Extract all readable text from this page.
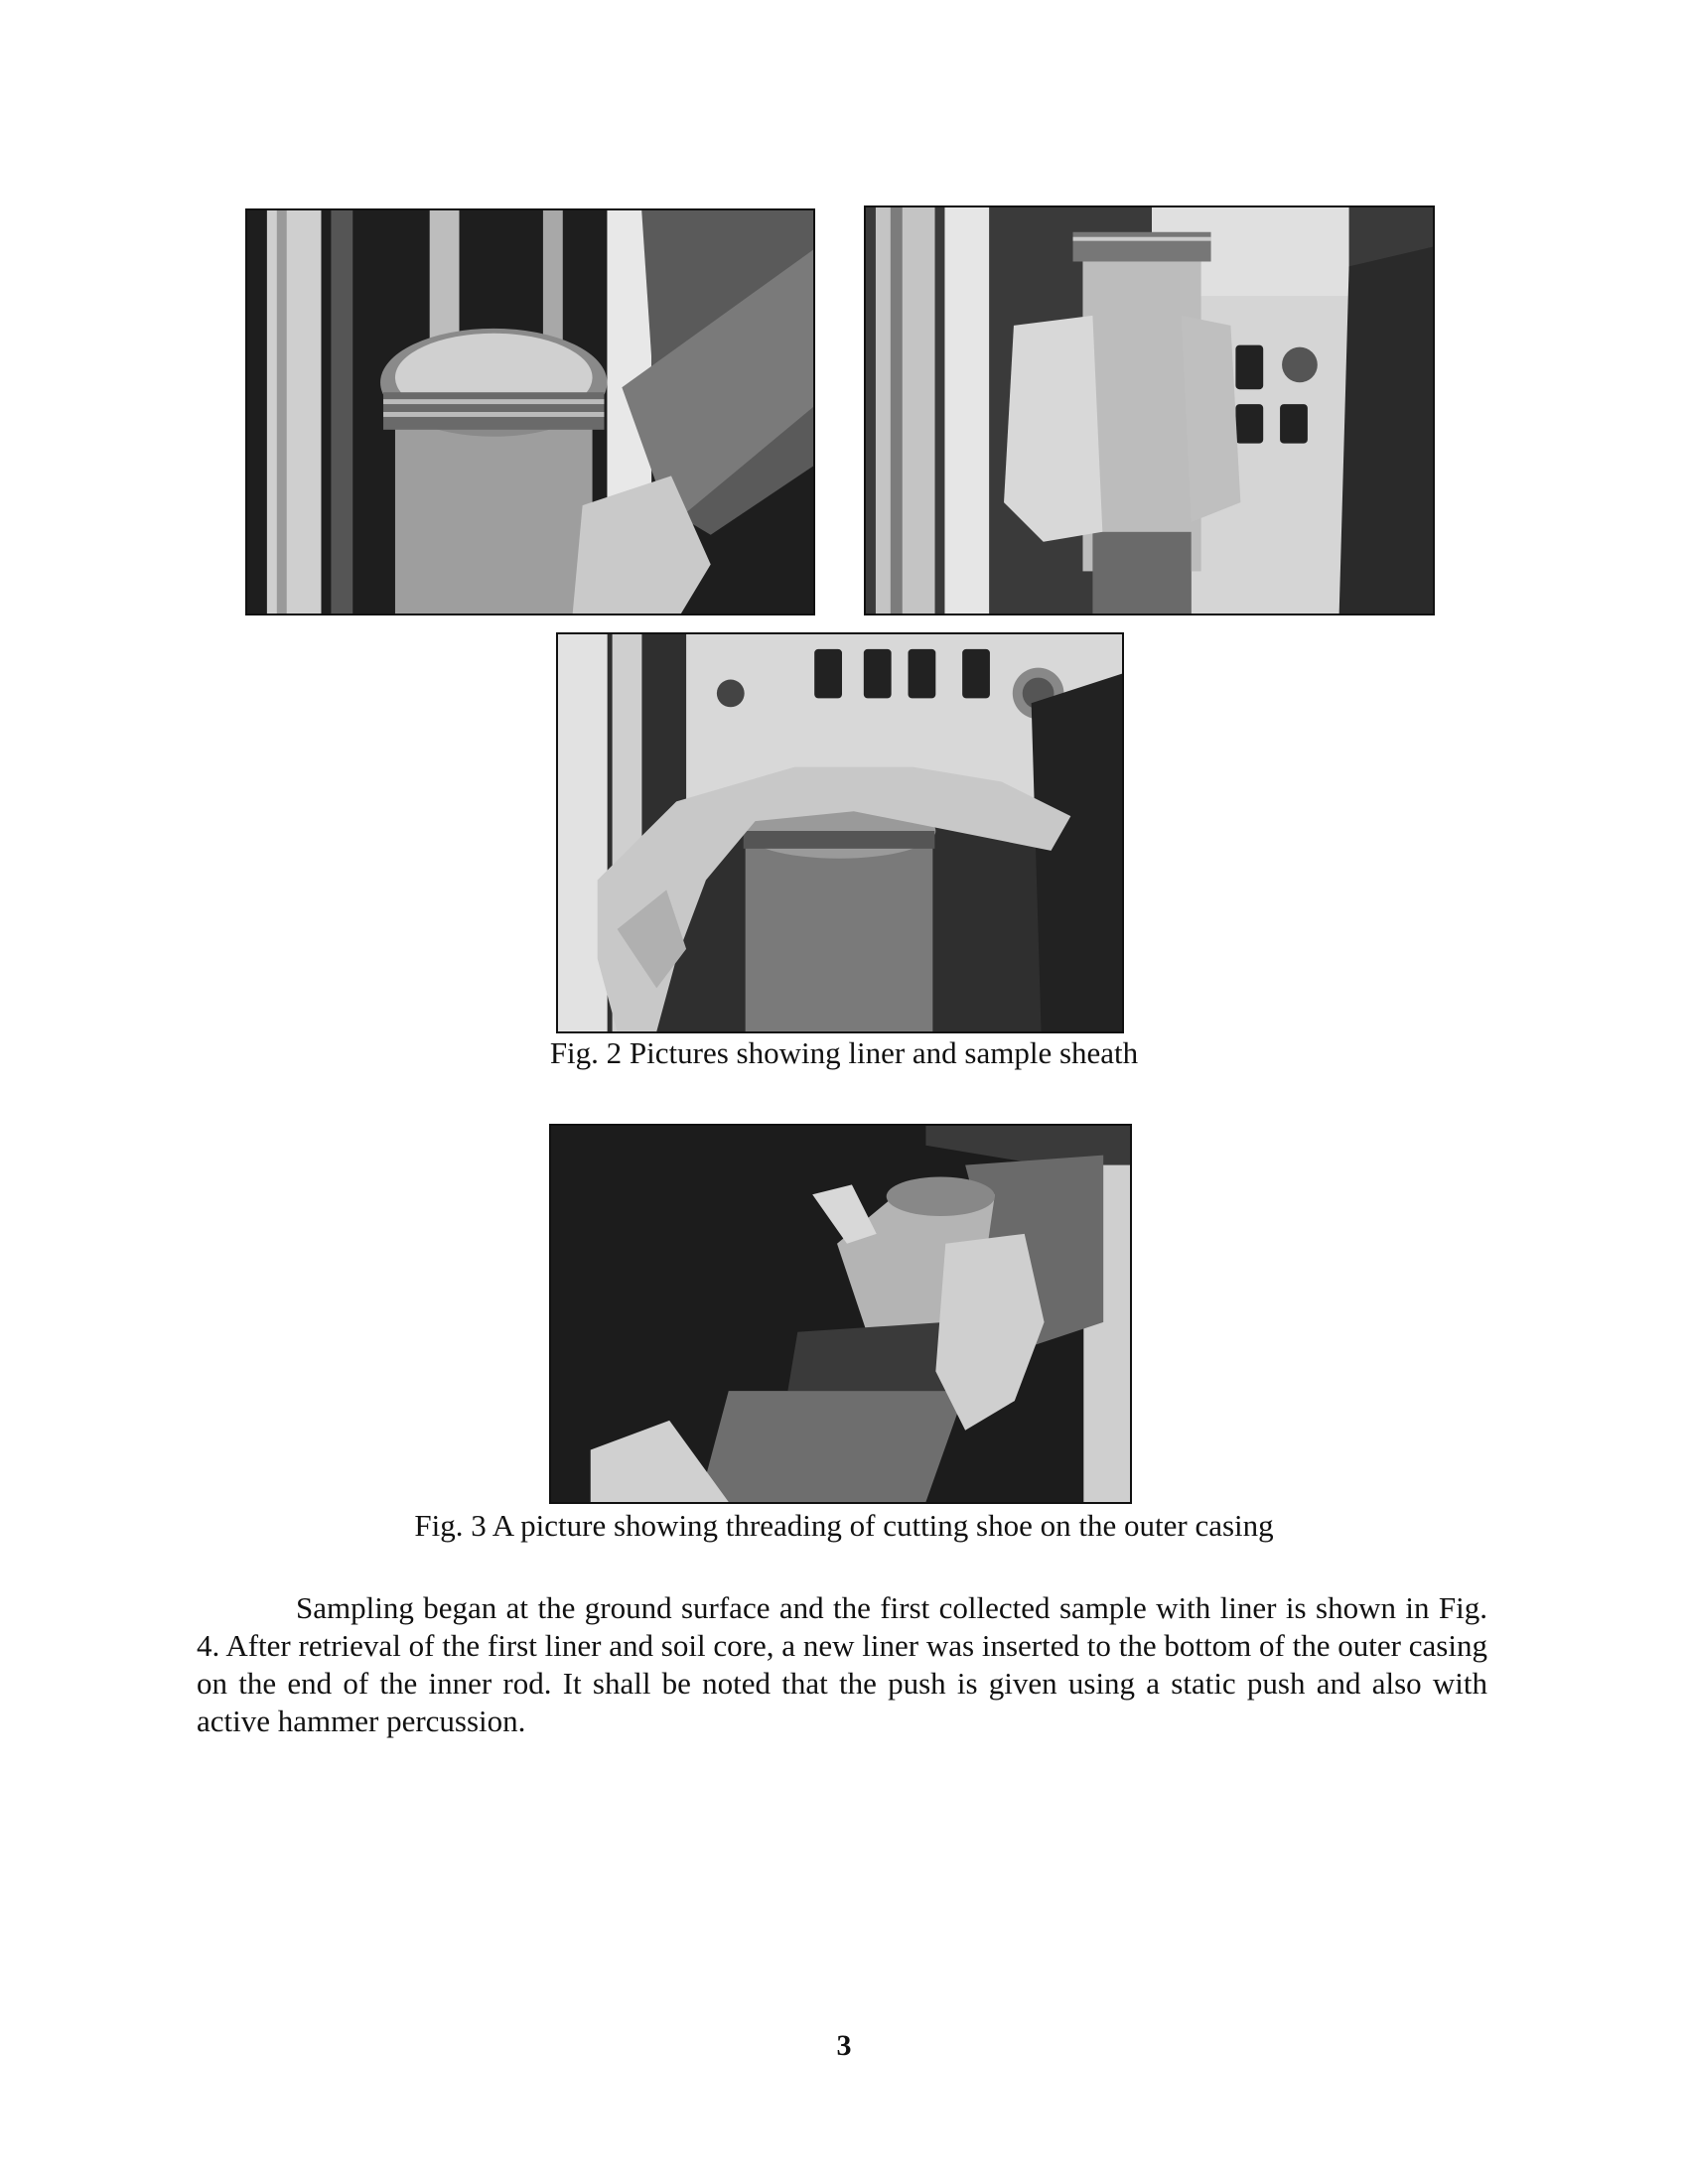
Fig. 2 Pictures showing liner and sample sheath
Fig. 3 A picture showing threading of cutting shoe on the outer casing
Sampling began at the ground surface and the first collected sample with liner is shown in Fig. 4. After retrieval of the first liner and soil core, a new liner was inserted to the bottom of the outer casing on the end of the inner rod. It shall be noted that the push is given using a static push and also with active hammer percussion.
3
